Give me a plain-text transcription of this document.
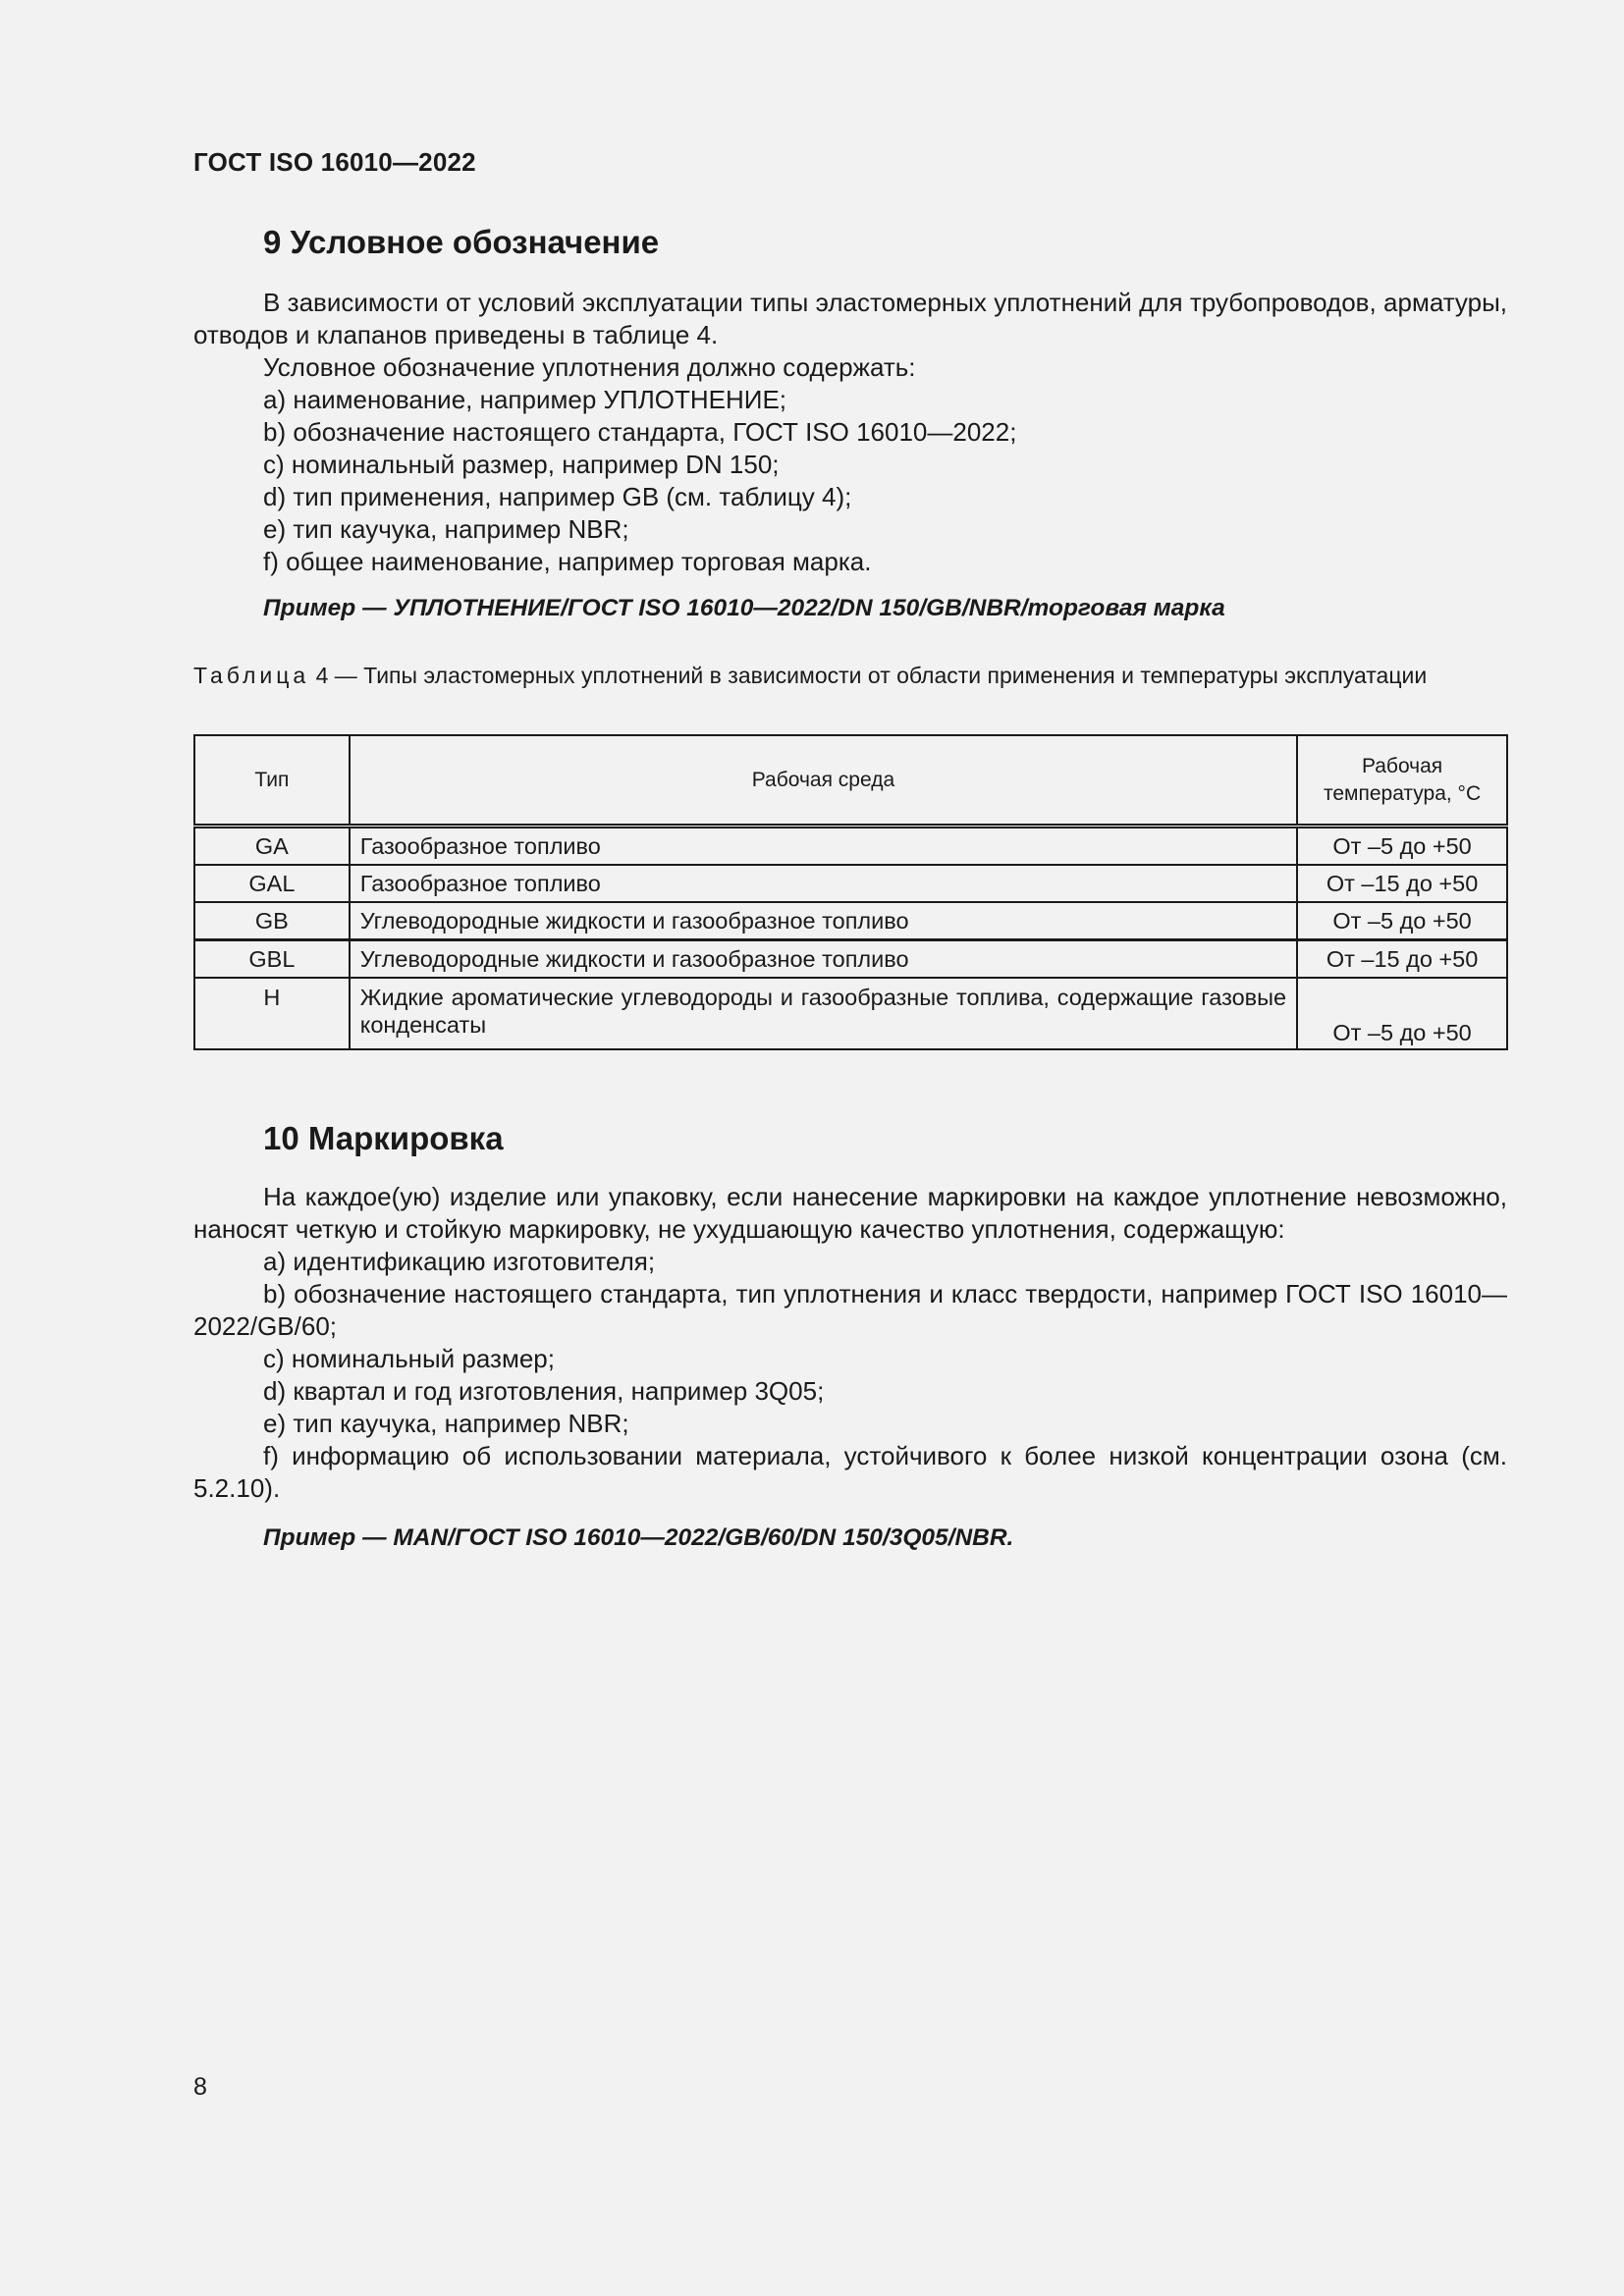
ГОСТ ISO 16010—2022
9 Условное обозначение
В зависимости от условий эксплуатации типы эластомерных уплотнений для трубопроводов, арматуры, отводов и клапанов приведены в таблице 4.
Условное обозначение уплотнения должно содержать:
a) наименование, например УПЛОТНЕНИЕ;
b) обозначение настоящего стандарта, ГОСТ ISO 16010—2022;
c) номинальный размер, например DN 150;
d) тип применения, например GB (см. таблицу 4);
e) тип каучука, например NBR;
f) общее наименование, например торговая марка.
Пример — УПЛОТНЕНИЕ/ГОСТ ISO 16010—2022/DN 150/GB/NBR/торговая марка
Таблица 4 — Типы эластомерных уплотнений в зависимости от области применения и температуры эксплуатации
Тип	Рабочая среда	Рабочая температура, °С
GA	Газообразное топливо	От –5 до +50
GAL	Газообразное топливо	От –15 до +50
GB	Углеводородные жидкости и газообразное топливо	От –5 до +50
GBL	Углеводородные жидкости и газообразное топливо	От –15 до +50
H	Жидкие ароматические углеводороды и газообразные топлива, содержащие газовые конденсаты	От –5 до +50
10 Маркировка
На каждое(ую) изделие или упаковку, если нанесение маркировки на каждое уплотнение невозможно, наносят четкую и стойкую маркировку, не ухудшающую качество уплотнения, содержащую:
a) идентификацию изготовителя;
b) обозначение настоящего стандарта, тип уплотнения и класс твердости, например ГОСТ ISO 16010—2022/GB/60;
c) номинальный размер;
d) квартал и год изготовления, например 3Q05;
e) тип каучука, например NBR;
f) информацию об использовании материала, устойчивого к более низкой концентрации озона (см. 5.2.10).
Пример — MAN/ГОСТ ISO 16010—2022/GB/60/DN 150/3Q05/NBR.
8
